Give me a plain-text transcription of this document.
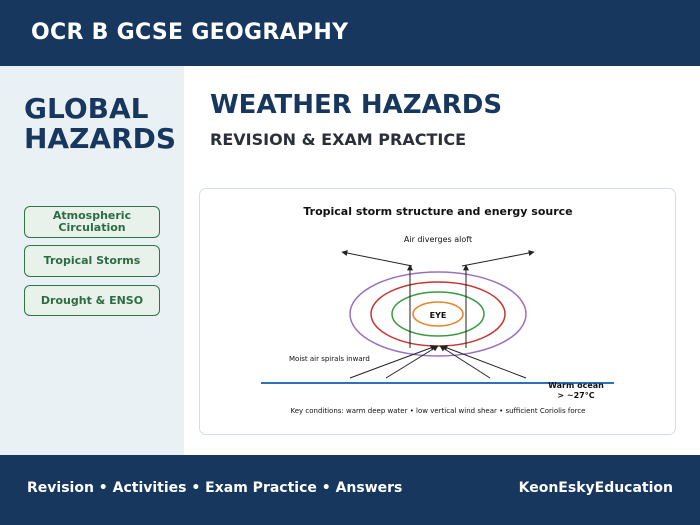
OCR B GCSE GEOGRAPHY
GLOBAL
HAZARDS
Atmospheric
Circulation
Tropical Storms
Drought & ENSO
WEATHER HAZARDS
REVISION & EXAM PRACTICE
Tropical storm structure and energy source
Air diverges aloft
EYE
Moist air spirals inward
Warm ocean
> ~27°C
Key conditions: warm deep water • low vertical wind shear • sufficient Coriolis force
Revision • Activities • Exam Practice • Answers	KeonEskyEducation
